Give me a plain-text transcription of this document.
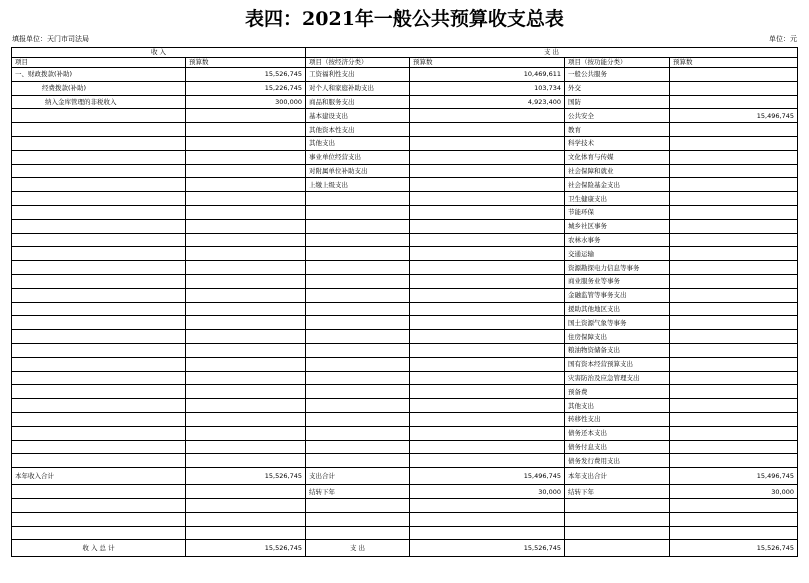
表四：2021年一般公共预算收支总表
填报单位：天门市司法局	单位：元
收 入		支 出			
项目	预算数	项目（按经济分类）	预算数	项目（按功能分类）	预算数
一、财政拨款(补助)	15,526,745	工资福利性支出	10,469,611	一般公共服务	
经费拨款(补助)	15,226,745	对个人和家庭补助支出	103,734	外交	
纳入金库管理的非税收入	300,000	商品和服务支出	4,923,400	国防	
		基本建设支出		公共安全	15,496,745
		其他资本性支出		教育	
		其他支出		科学技术	
		事业单位经营支出		文化体育与传媒	
		对附属单位补助支出		社会保障和就业	
		上缴上级支出		社会保险基金支出	
				卫生健康支出	
				节能环保	
				城乡社区事务	
				农林水事务	
				交通运输	
				资源勘探电力信息等事务	
				商业服务业等事务	
				金融监管等事务支出	
				援助其他地区支出	
				国土资源气象等事务	
				住房保障支出	
				粮油物资储备支出	
				国有资本经营预算支出	
				灾害防治及应急管理支出	
				预备费	
				其他支出	
				转移性支出	
				债务还本支出	
				债务付息支出	
				债务发行费用支出	
本年收入合计	15,526,745	支出合计	15,496,745	本年支出合计	15,496,745
		结转下年	30,000	结转下年	30,000

收 入 总 计	15,526,745	支 出	15,526,745		15,526,745
